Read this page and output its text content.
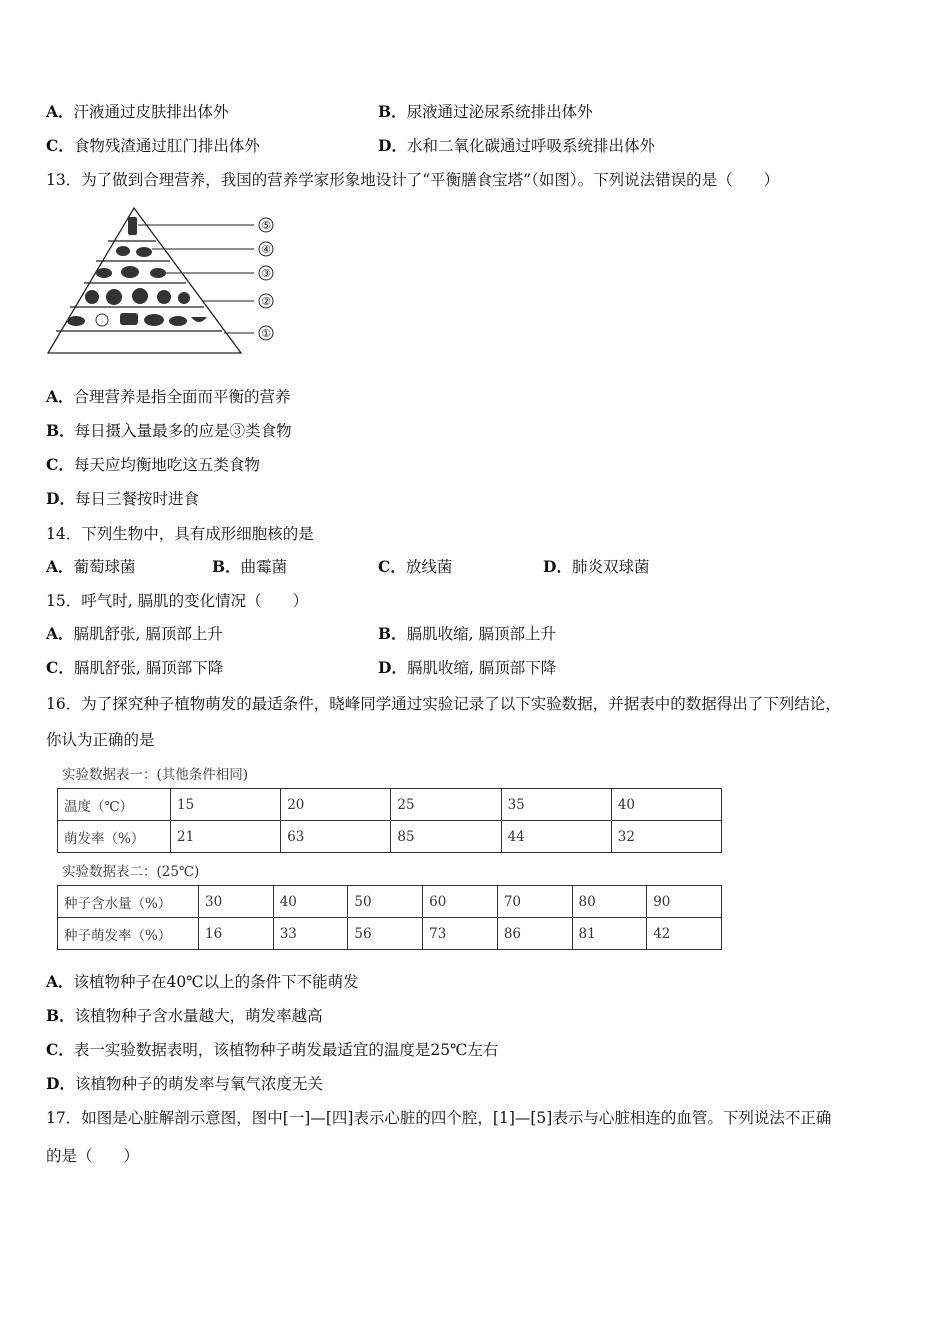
A．汗液通过皮肤排出体外	B．尿液通过泌尿系统排出体外
C．食物残渣通过肛门排出体外	D．水和二氧化碳通过呼吸系统排出体外
13．为了做到合理营养，我国的营养学家形象地设计了“平衡膳食宝塔”（如图）。下列说法错误的是（　　）
⑤
④
③
②
①
A．合理营养是指全面而平衡的营养
B．每日摄入量最多的应是③类食物
C．每天应均衡地吃这五类食物
D．每日三餐按时进食
14．下列生物中，具有成形细胞核的是
A．葡萄球菌	B．曲霉菌	C．放线菌	D．肺炎双球菌
15．呼气时, 膈肌的变化情况（　　）
A．膈肌舒张, 膈顶部上升	B．膈肌收缩, 膈顶部上升
C．膈肌舒张, 膈顶部下降	D．膈肌收缩, 膈顶部下降
16．为了探究种子植物萌发的最适条件，晓峰同学通过实验记录了以下实验数据，并据表中的数据得出了下列结论，
你认为正确的是
实验数据表一：(其他条件相同)
温度（℃）	15	20	25	35	40
萌发率（%）	21	63	85	44	32
实验数据表二：(25℃)
种子含水量（%）	30	40	50	60	70	80	90
种子萌发率（%）	16	33	56	73	86	81	42
A．该植物种子在40℃以上的条件下不能萌发
B．该植物种子含水量越大，萌发率越高
C．表一实验数据表明，该植物种子萌发最适宜的温度是25℃左右
D．该植物种子的萌发率与氧气浓度无关
17．如图是心脏解剖示意图，图中[一]—[四]表示心脏的四个腔，[1]—[5]表示与心脏相连的血管。下列说法不正确
的是（　　）
